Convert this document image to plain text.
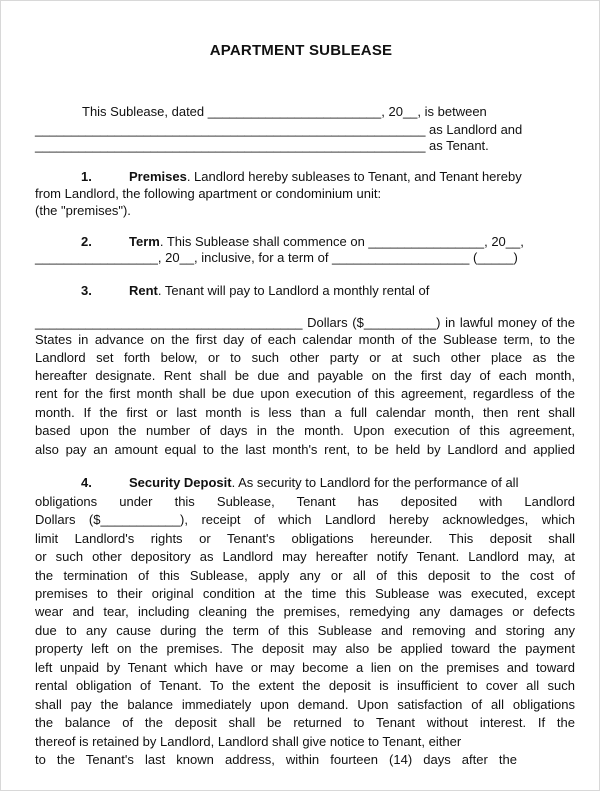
APARTMENT SUBLEASE
This Sublease, dated ________________________, 20__, is between
______________________________________________________ as Landlord and
______________________________________________________ as Tenant.
1.	Premises. Landlord hereby subleases to Tenant, and Tenant hereby
from Landlord, the following apartment or condominium unit:
(the "premises").
2.	Term. This Sublease shall commence on ________________, 20__,
_________________, 20__, inclusive, for a term of ___________________ (_____)
3.	Rent. Tenant will pay to Landlord a monthly rental of
_____________________________________ Dollars ($__________) in lawful money of the
States in advance on the first day of each calendar month of the Sublease term, to the
Landlord set forth below, or to such other party or at such other place as the
hereafter designate. Rent shall be due and payable on the first day of each month,
rent for the first month shall be due upon execution of this agreement, regardless of the
month. If the first or last month is less than a full calendar month, then rent shall
based upon the number of days in the month. Upon execution of this agreement,
also pay an amount equal to the last month's rent, to be held by Landlord and applied
4.	Security Deposit. As security to Landlord for the performance of all
obligations under this Sublease, Tenant has deposited with Landlord
Dollars ($___________), receipt of which Landlord hereby acknowledges, which
limit Landlord's rights or Tenant's obligations hereunder. This deposit shall
or such other depository as Landlord may hereafter notify Tenant. Landlord may, at
the termination of this Sublease, apply any or all of this deposit to the cost of
premises to their original condition at the time this Sublease was executed, except
wear and tear, including cleaning the premises, remedying any damages or defects
due to any cause during the term of this Sublease and removing and storing any
property left on the premises. The deposit may also be applied toward the payment
left unpaid by Tenant which have or may become a lien on the premises and toward
rental obligation of Tenant. To the extent the deposit is insufficient to cover all such
shall pay the balance immediately upon demand. Upon satisfaction of all obligations
the balance of the deposit shall be returned to Tenant without interest. If the
thereof is retained by Landlord, Landlord shall give notice to Tenant, either
to the Tenant's last known address, within fourteen (14) days after the
